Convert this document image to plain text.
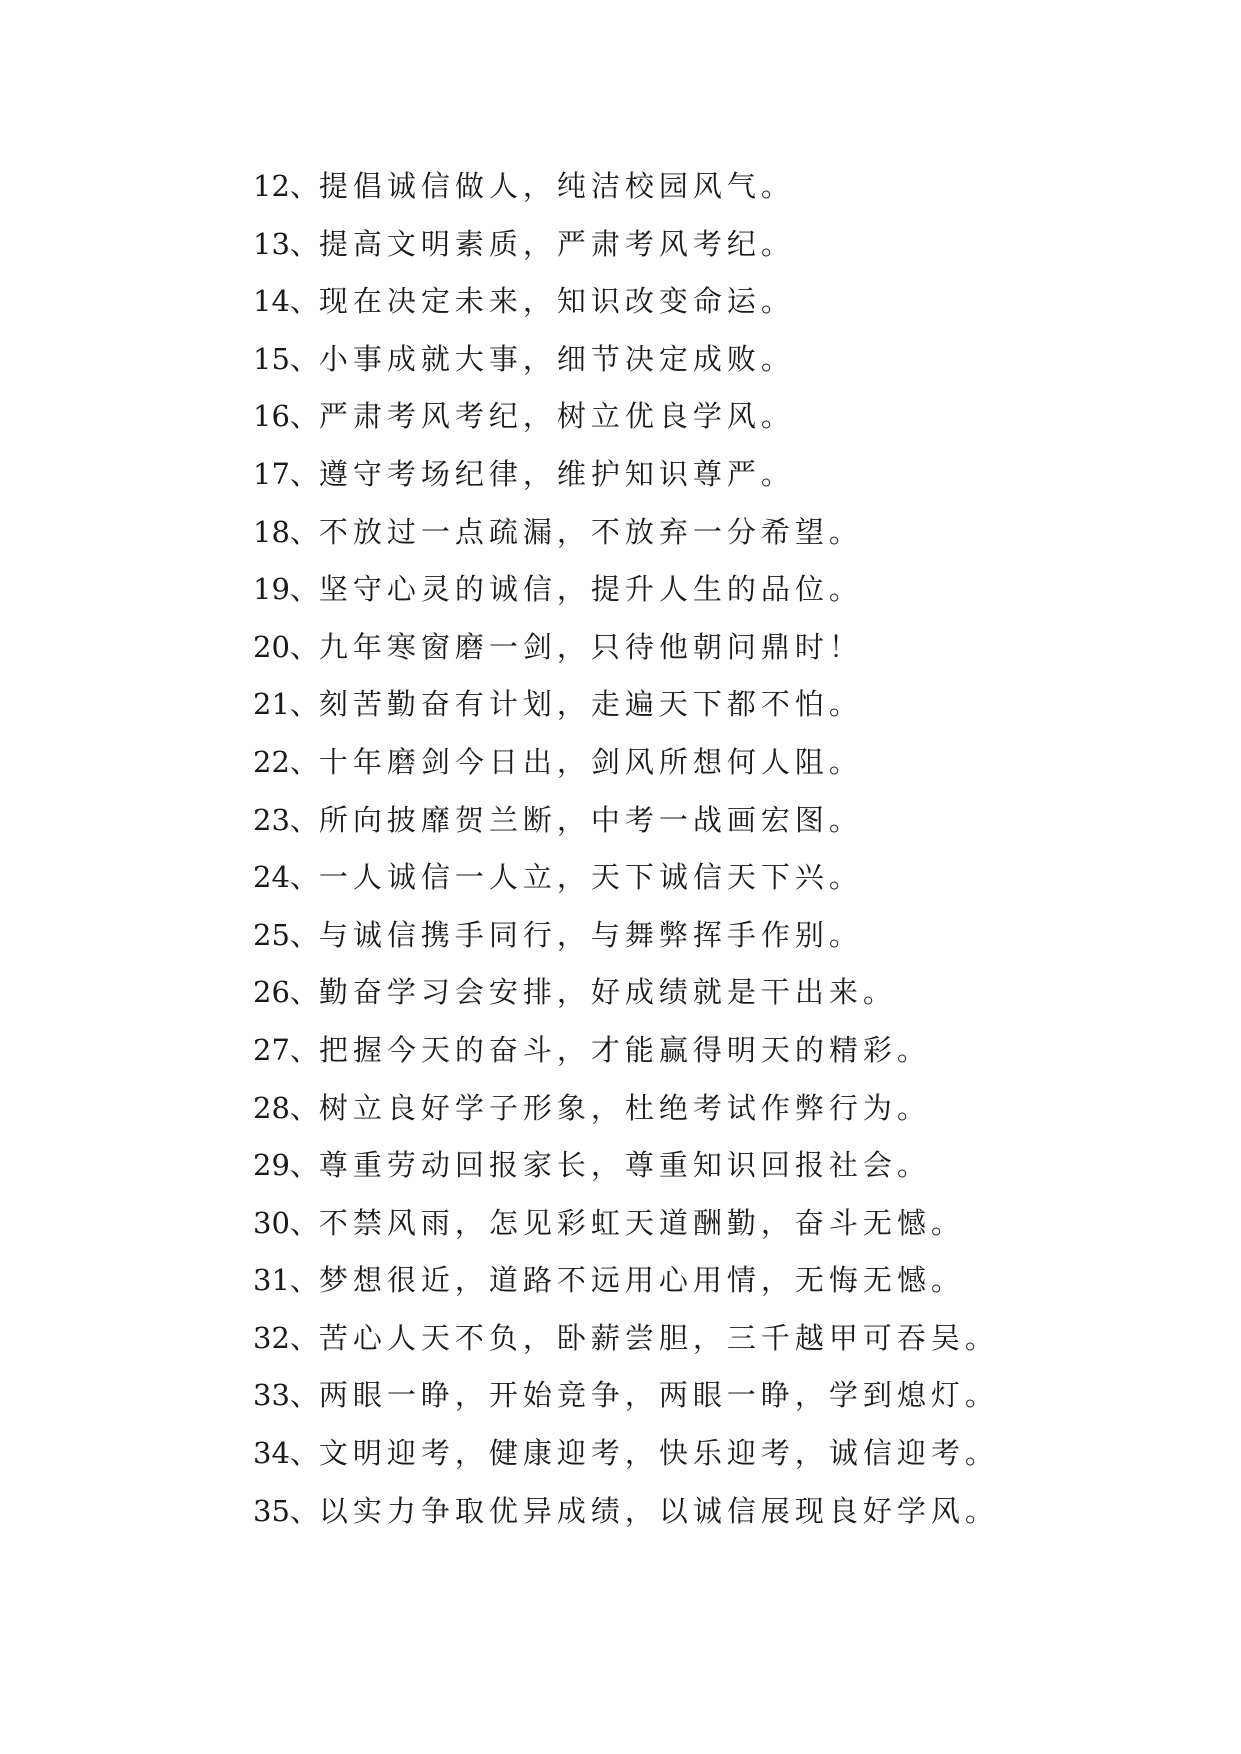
12、提倡诚信做人，纯洁校园风气。
13、提高文明素质，严肃考风考纪。
14、现在决定未来，知识改变命运。
15、小事成就大事，细节决定成败。
16、严肃考风考纪，树立优良学风。
17、遵守考场纪律，维护知识尊严。
18、不放过一点疏漏，不放弃一分希望。
19、坚守心灵的诚信，提升人生的品位。
20、九年寒窗磨一剑，只待他朝问鼎时！
21、刻苦勤奋有计划，走遍天下都不怕。
22、十年磨剑今日出，剑风所想何人阻。
23、所向披靡贺兰断，中考一战画宏图。
24、一人诚信一人立，天下诚信天下兴。
25、与诚信携手同行，与舞弊挥手作别。
26、勤奋学习会安排，好成绩就是干出来。
27、把握今天的奋斗，才能赢得明天的精彩。
28、树立良好学子形象，杜绝考试作弊行为。
29、尊重劳动回报家长，尊重知识回报社会。
30、不禁风雨，怎见彩虹天道酬勤，奋斗无憾。
31、梦想很近，道路不远用心用情，无悔无憾。
32、苦心人天不负，卧薪尝胆，三千越甲可吞吴。
33、两眼一睁，开始竞争，两眼一睁，学到熄灯。
34、文明迎考，健康迎考，快乐迎考，诚信迎考。
35、以实力争取优异成绩，以诚信展现良好学风。
